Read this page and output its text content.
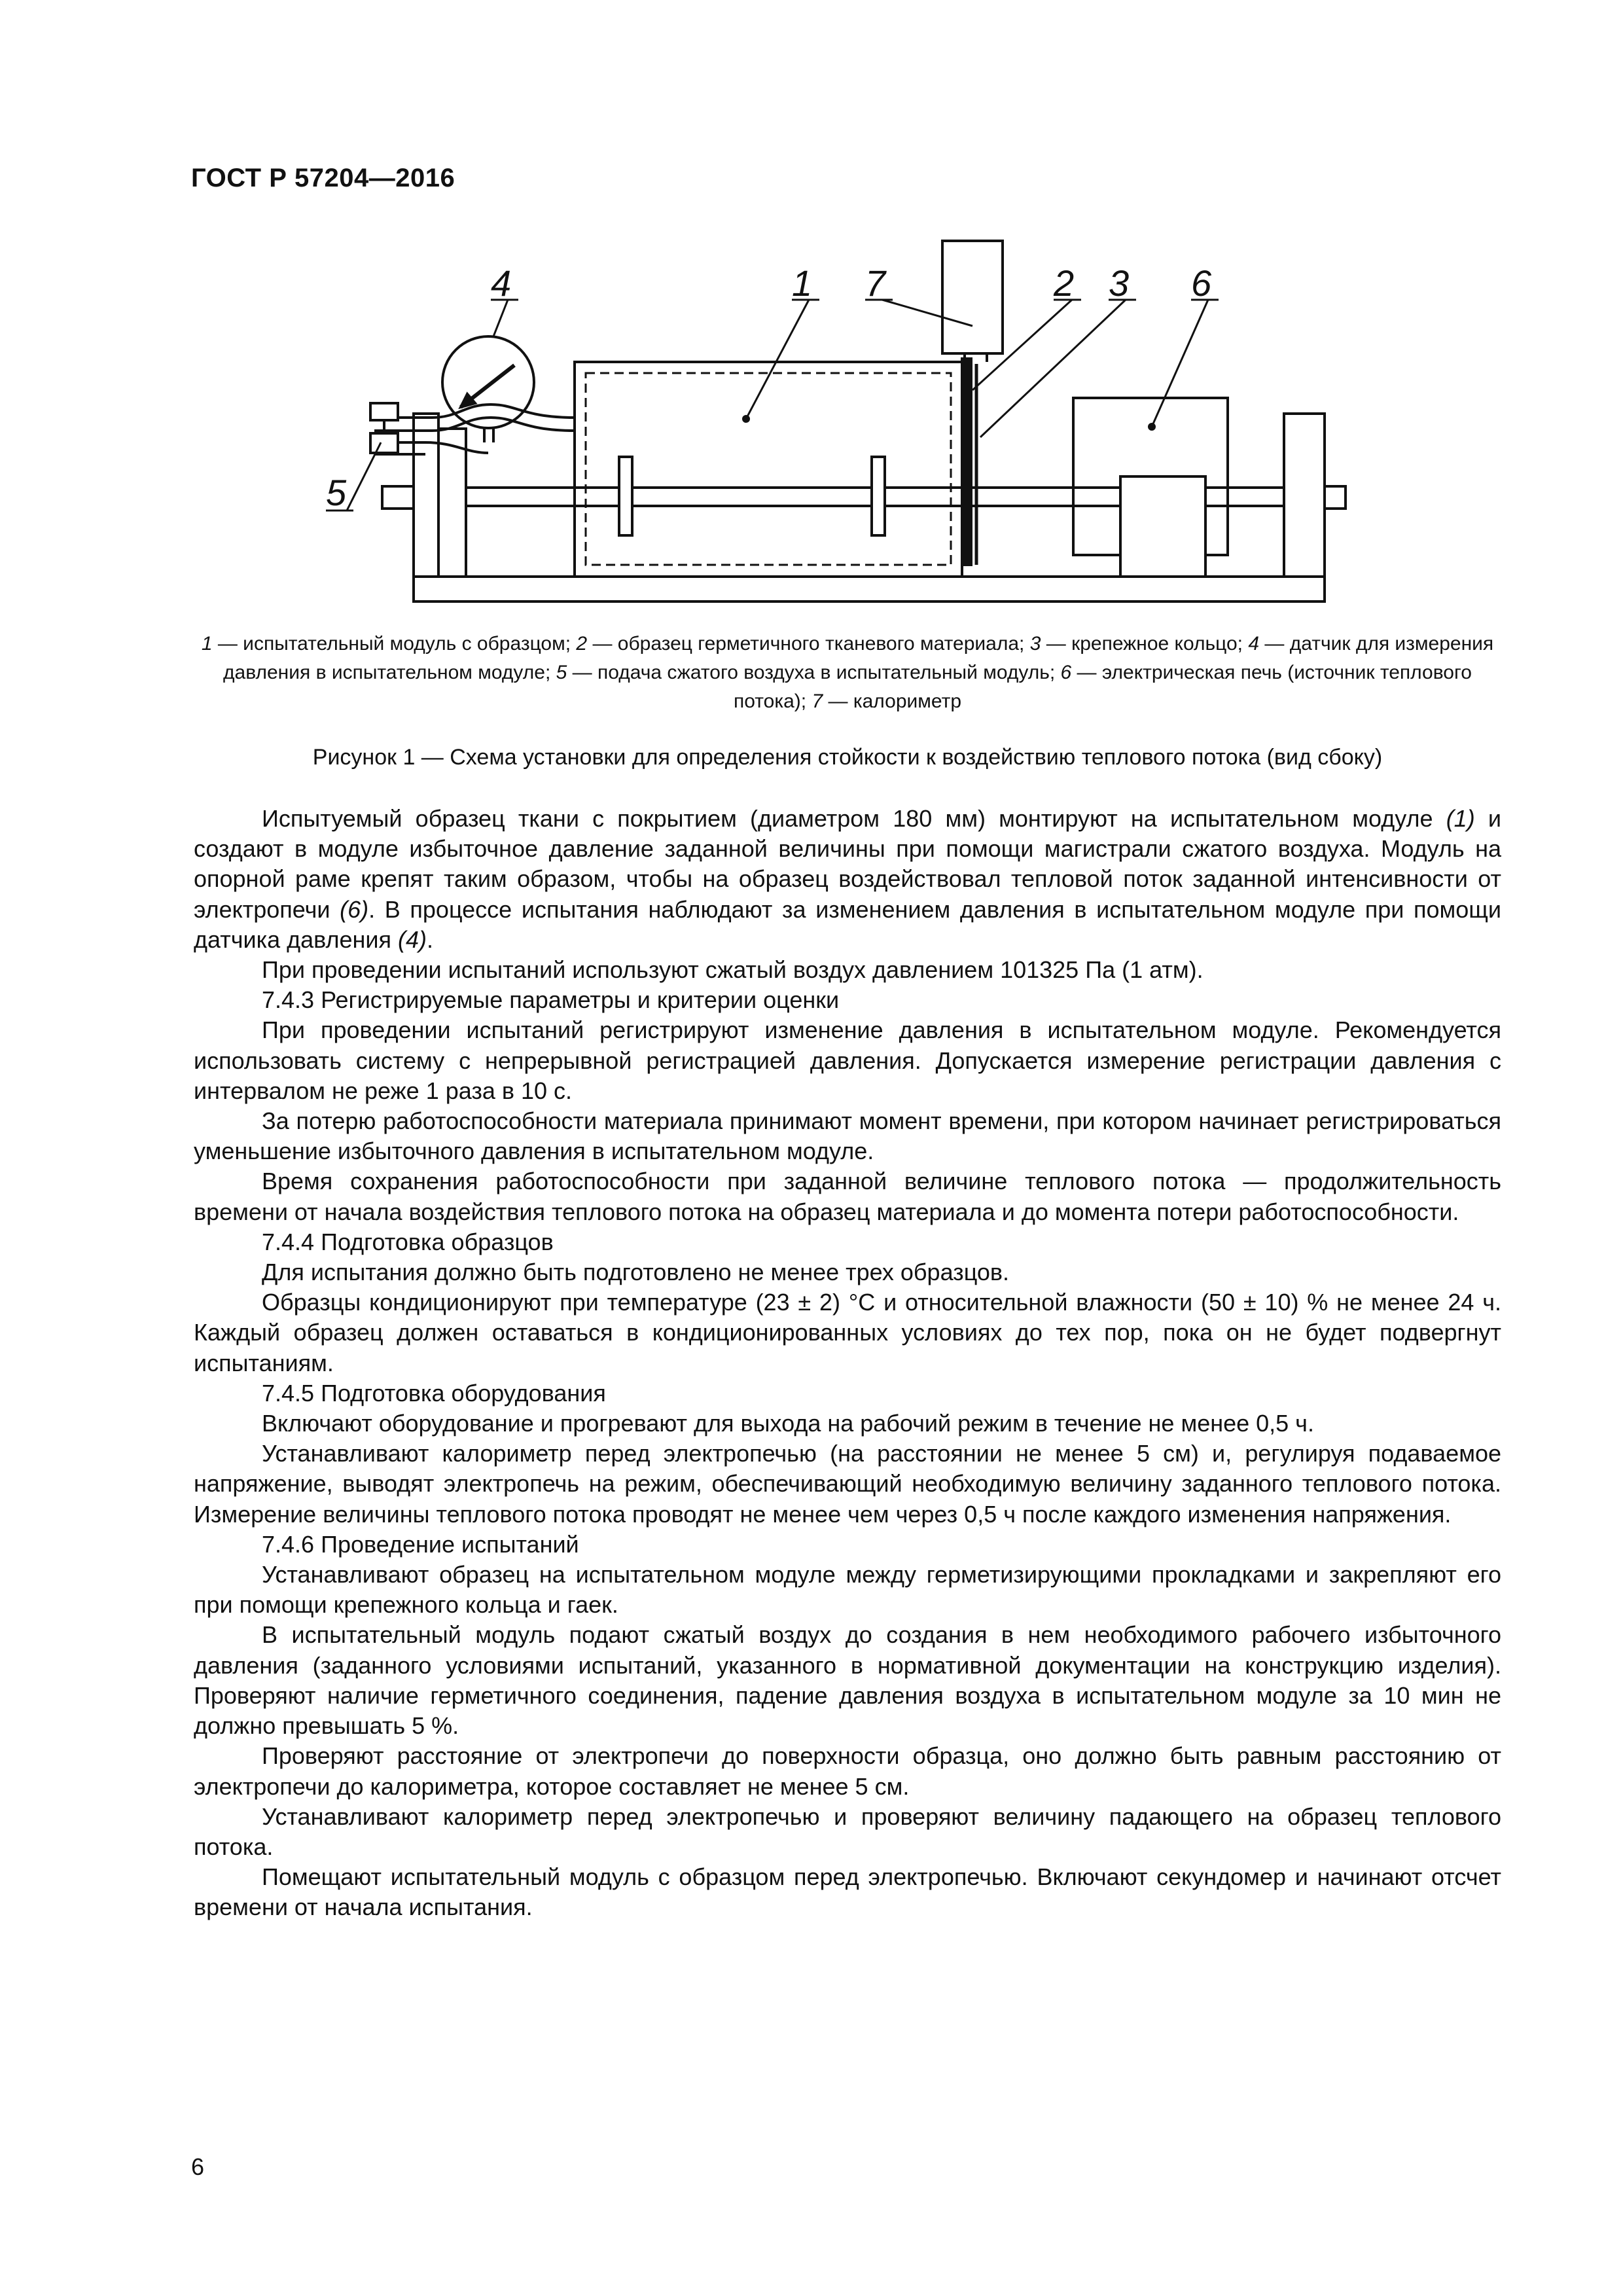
ГОСТ Р 57204—2016
4	1 7	2 3 6
5
1 — испытательный модуль с образцом; 2 — образец герметичного тканевого материала; 3 — крепежное кольцо; 4 — датчик для измерения давления в испытательном модуле; 5 — подача сжатого воздуха в испытательный модуль; 6 — электрическая печь (источник теплового потока); 7 — калориметр
Рисунок 1 — Схема установки для определения стойкости к воздействию теплового потока (вид сбоку)

Испытуемый образец ткани с покрытием (диаметром 180 мм) монтируют на испытательном модуле (1) и создают в модуле избыточное давление заданной величины при помощи магистрали сжатого воздуха. Модуль на опорной раме крепят таким образом, чтобы на образец воздействовал тепловой поток заданной интенсивности от электропечи (6). В процессе испытания наблюдают за изменением давления в испытательном модуле при помощи датчика давления (4).

При проведении испытаний используют сжатый воздух давлением 101325 Па (1 атм).

7.4.3 Регистрируемые параметры и критерии оценки

При проведении испытаний регистрируют изменение давления в испытательном модуле. Рекомендуется использовать систему с непрерывной регистрацией давления. Допускается измерение регистрации давления с интервалом не реже 1 раза в 10 с.

За потерю работоспособности материала принимают момент времени, при котором начинает регистрироваться уменьшение избыточного давления в испытательном модуле.

Время сохранения работоспособности при заданной величине теплового потока — продолжительность времени от начала воздействия теплового потока на образец материала и до момента потери работоспособности.

7.4.4 Подготовка образцов

Для испытания должно быть подготовлено не менее трех образцов.

Образцы кондиционируют при температуре (23 ± 2) °С и относительной влажности (50 ± 10) % не менее 24 ч. Каждый образец должен оставаться в кондиционированных условиях до тех пор, пока он не будет подвергнут испытаниям.

7.4.5 Подготовка оборудования

Включают оборудование и прогревают для выхода на рабочий режим в течение не менее 0,5 ч.

Устанавливают калориметр перед электропечью (на расстоянии не менее 5 см) и, регулируя подаваемое напряжение, выводят электропечь на режим, обеспечивающий необходимую величину заданного теплового потока. Измерение величины теплового потока проводят не менее чем через 0,5 ч после каждого изменения напряжения.

7.4.6 Проведение испытаний

Устанавливают образец на испытательном модуле между герметизирующими прокладками и закрепляют его при помощи крепежного кольца и гаек.

В испытательный модуль подают сжатый воздух до создания в нем необходимого рабочего избыточного давления (заданного условиями испытаний, указанного в нормативной документации на конструкцию изделия). Проверяют наличие герметичного соединения, падение давления воздуха в испытательном модуле за 10 мин не должно превышать 5 %.

Проверяют расстояние от электропечи до поверхности образца, оно должно быть равным расстоянию от электропечи до калориметра, которое составляет не менее 5 см.

Устанавливают калориметр перед электропечью и проверяют величину падающего на образец теплового потока.

Помещают испытательный модуль с образцом перед электропечью. Включают секундомер и начинают отсчет времени от начала испытания.

6
